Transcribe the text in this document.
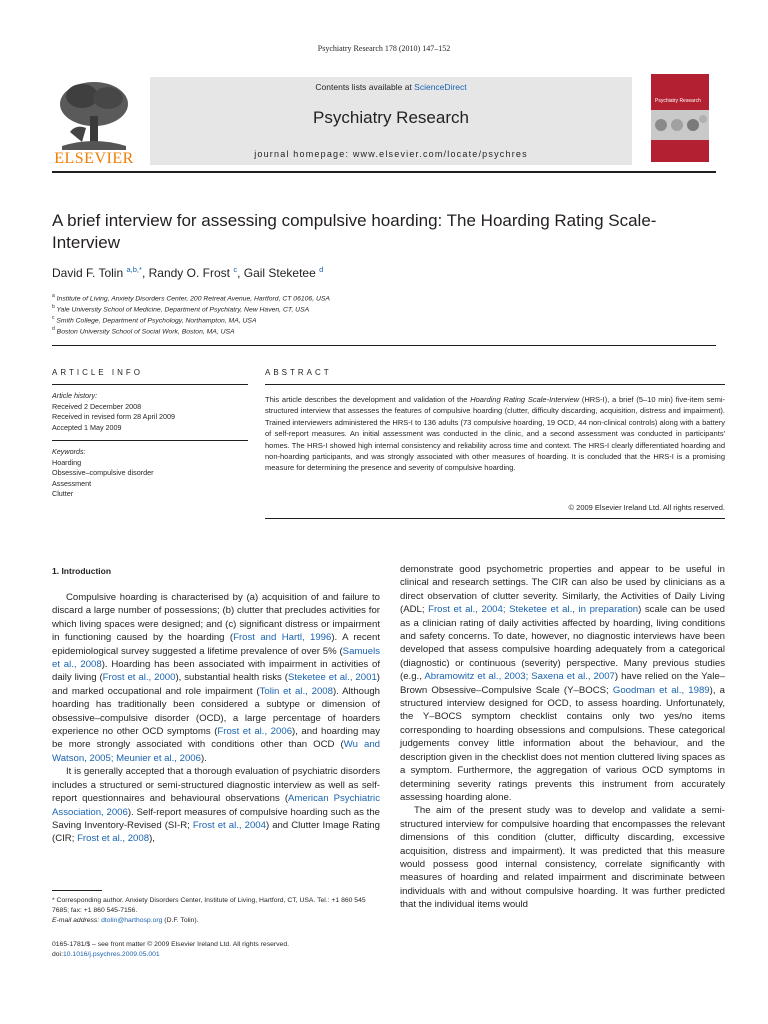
Psychiatry Research 178 (2010) 147–152
ELSEVIER
Contents lists available at ScienceDirect
Psychiatry Research
journal homepage: www.elsevier.com/locate/psychres
Psychiatry Research
A brief interview for assessing compulsive hoarding: The Hoarding Rating Scale-Interview
David F. Tolin $^{a,b,*}$, Randy O. Frost $^c$, Gail Steketee $^d$
$^a$ Institute of Living, Anxiety Disorders Center, 200 Retreat Avenue, Hartford, CT 06106, USA
$^b$ Yale University School of Medicine, Department of Psychiatry, New Haven, CT, USA
$^c$ Smith College, Department of Psychology, Northampton, MA, USA
$^d$ Boston University School of Social Work, Boston, MA, USA
ARTICLE INFO
Article history:
Received 2 December 2008
Received in revised form 28 April 2009
Accepted 1 May 2009
Keywords:
Hoarding
Obsessive–compulsive disorder
Assessment
Clutter
ABSTRACT
This article describes the development and validation of the Hoarding Rating Scale-Interview (HRS-I), a brief (5–10 min) five-item semi-structured interview that assesses the features of compulsive hoarding (clutter, difficulty discarding, acquisition, distress and impairment). Trained interviewers administered the HRS-I to 136 adults (73 compulsive hoarding, 19 OCD, 44 non-clinical controls) along with a battery of self-report measures. An initial assessment was conducted in the clinic, and a second assessment was conducted in participants' homes. The HRS-I showed high internal consistency and reliability across time and context. The HRS-I clearly differentiated hoarding and non-hoarding participants, and was strongly associated with other measures of hoarding. It is concluded that the HRS-I is a promising measure for determining the presence and severity of compulsive hoarding.
© 2009 Elsevier Ireland Ltd. All rights reserved.
1. Introduction

Compulsive hoarding is characterised by (a) acquisition of and failure to discard a large number of possessions; (b) clutter that precludes activities for which living spaces were designed; and (c) significant distress or impairment in functioning caused by the hoarding (Frost and Hartl, 1996). A recent epidemiological survey suggested a lifetime prevalence of over 5% (Samuels et al., 2008). Hoarding has been associated with impairment in activities of daily living (Frost et al., 2000), substantial health risks (Steketee et al., 2001) and marked occupational and role impairment (Tolin et al., 2008). Although hoarding has traditionally been considered a subtype or dimension of obsessive–compulsive disorder (OCD), a large percentage of hoarders experience no other OCD symptoms (Frost et al., 2006), and hoarding may be more strongly associated with conditions other than OCD (Wu and Watson, 2005; Meunier et al., 2006).

It is generally accepted that a thorough evaluation of psychiatric disorders includes a structured or semi-structured diagnostic interview as well as self-report questionnaires and behavioural observations (American Psychiatric Association, 2006). Self-report measures of compulsive hoarding such as the Saving Inventory-Revised (SI-R; Frost et al., 2004) and Clutter Image Rating (CIR; Frost et al., 2008),

demonstrate good psychometric properties and appear to be useful in clinical and research settings. The CIR can also be used by clinicians as a direct observation of clutter severity. Similarly, the Activities of Daily Living (ADL; Frost et al., 2004; Steketee et al., in preparation) scale can be used as a clinician rating of daily activities affected by hoarding, living conditions and safety concerns. To date, however, no diagnostic interviews have been developed that assess compulsive hoarding adequately from a categorical (diagnostic) or continuous (severity) perspective. Many previous studies (e.g., Abramowitz et al., 2003; Saxena et al., 2007) have relied on the Yale–Brown Obsessive–Compulsive Scale (Y–BOCS; Goodman et al., 1989), a structured interview designed for OCD, to assess hoarding. Unfortunately, the Y–BOCS symptom checklist contains only two yes/no items corresponding to hoarding obsessions and compulsions. These categorical judgements convey little information about the behaviour, and the description given in the checklist does not mention cluttered living spaces as a symptom. Furthermore, the aggregation of various OCD symptoms in determining severity ratings prevents this instrument from accurately assessing hoarding alone.

The aim of the present study was to develop and validate a semi-structured interview for compulsive hoarding that encompasses the relevant dimensions of this condition (clutter, difficulty discarding, excessive acquisition, distress and impairment). It was predicted that this measure would possess good internal consistency, correlate significantly with measures of hoarding and related impairment and discriminate between individuals with and without compulsive hoarding. It was further predicted that the individual items would

* Corresponding author. Anxiety Disorders Center, Institute of Living, Hartford, CT, USA. Tel.: +1 860 545 7685; fax: +1 860 545-7156.
E-mail address: dtolin@harthosp.org (D.F. Tolin).
0165-1781/$ – see front matter © 2009 Elsevier Ireland Ltd. All rights reserved.
doi:10.1016/j.psychres.2009.05.001
